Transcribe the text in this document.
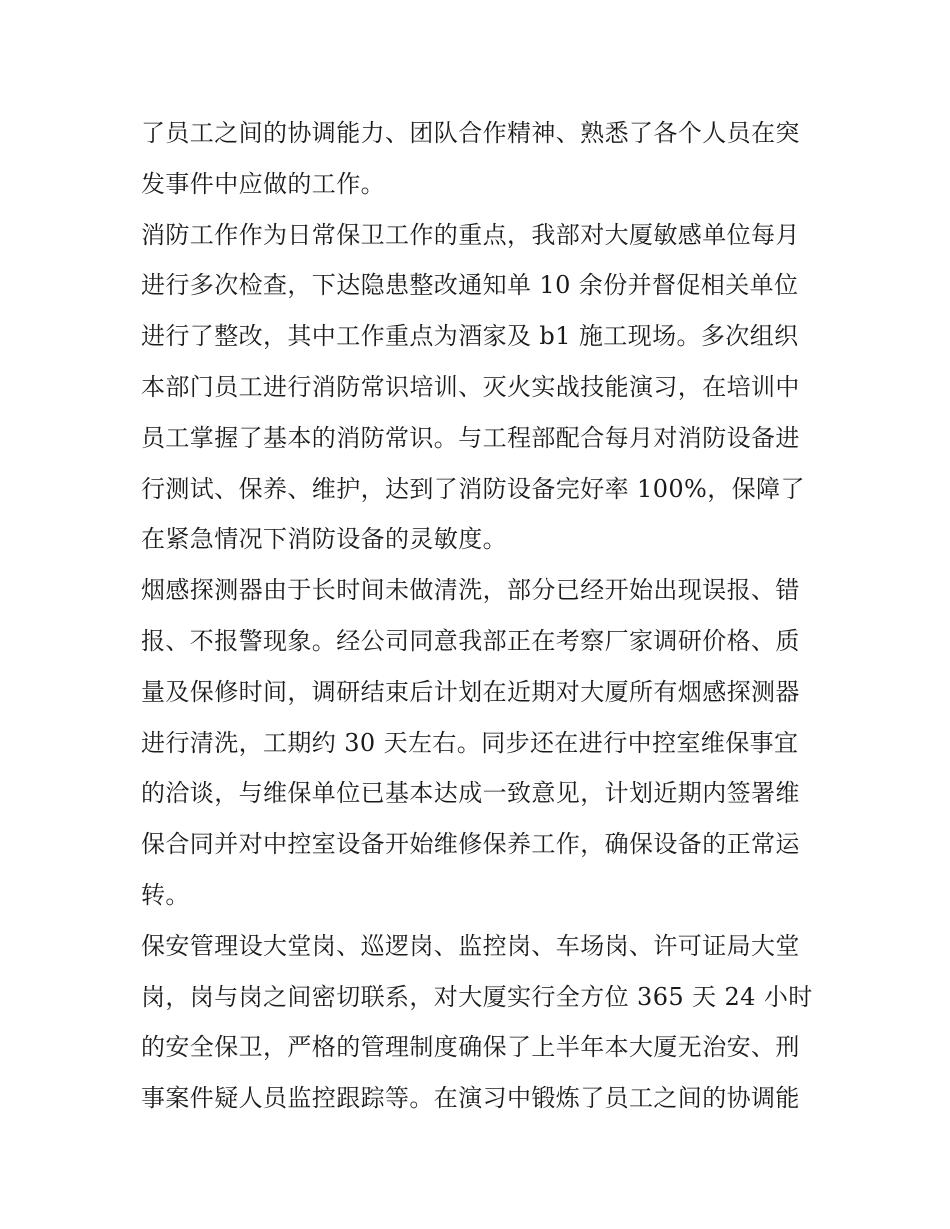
了员工之间的协调能力、团队合作精神、熟悉了各个人员在突
发事件中应做的工作。
消防工作作为日常保卫工作的重点，我部对大厦敏感单位每月
进行多次检查，下达隐患整改通知单 10 余份并督促相关单位
进行了整改，其中工作重点为酒家及 b1 施工现场。多次组织
本部门员工进行消防常识培训、灭火实战技能演习，在培训中
员工掌握了基本的消防常识。与工程部配合每月对消防设备进
行测试、保养、维护，达到了消防设备完好率 100%，保障了
在紧急情况下消防设备的灵敏度。
烟感探测器由于长时间未做清洗，部分已经开始出现误报、错
报、不报警现象。经公司同意我部正在考察厂家调研价格、质
量及保修时间，调研结束后计划在近期对大厦所有烟感探测器
进行清洗，工期约 30 天左右。同步还在进行中控室维保事宜
的洽谈，与维保单位已基本达成一致意见，计划近期内签署维
保合同并对中控室设备开始维修保养工作，确保设备的正常运
转。
保安管理设大堂岗、巡逻岗、监控岗、车场岗、许可证局大堂
岗，岗与岗之间密切联系，对大厦实行全方位 365 天 24 小时
的安全保卫，严格的管理制度确保了上半年本大厦无治安、刑
事案件疑人员监控跟踪等。在演习中锻炼了员工之间的协调能
